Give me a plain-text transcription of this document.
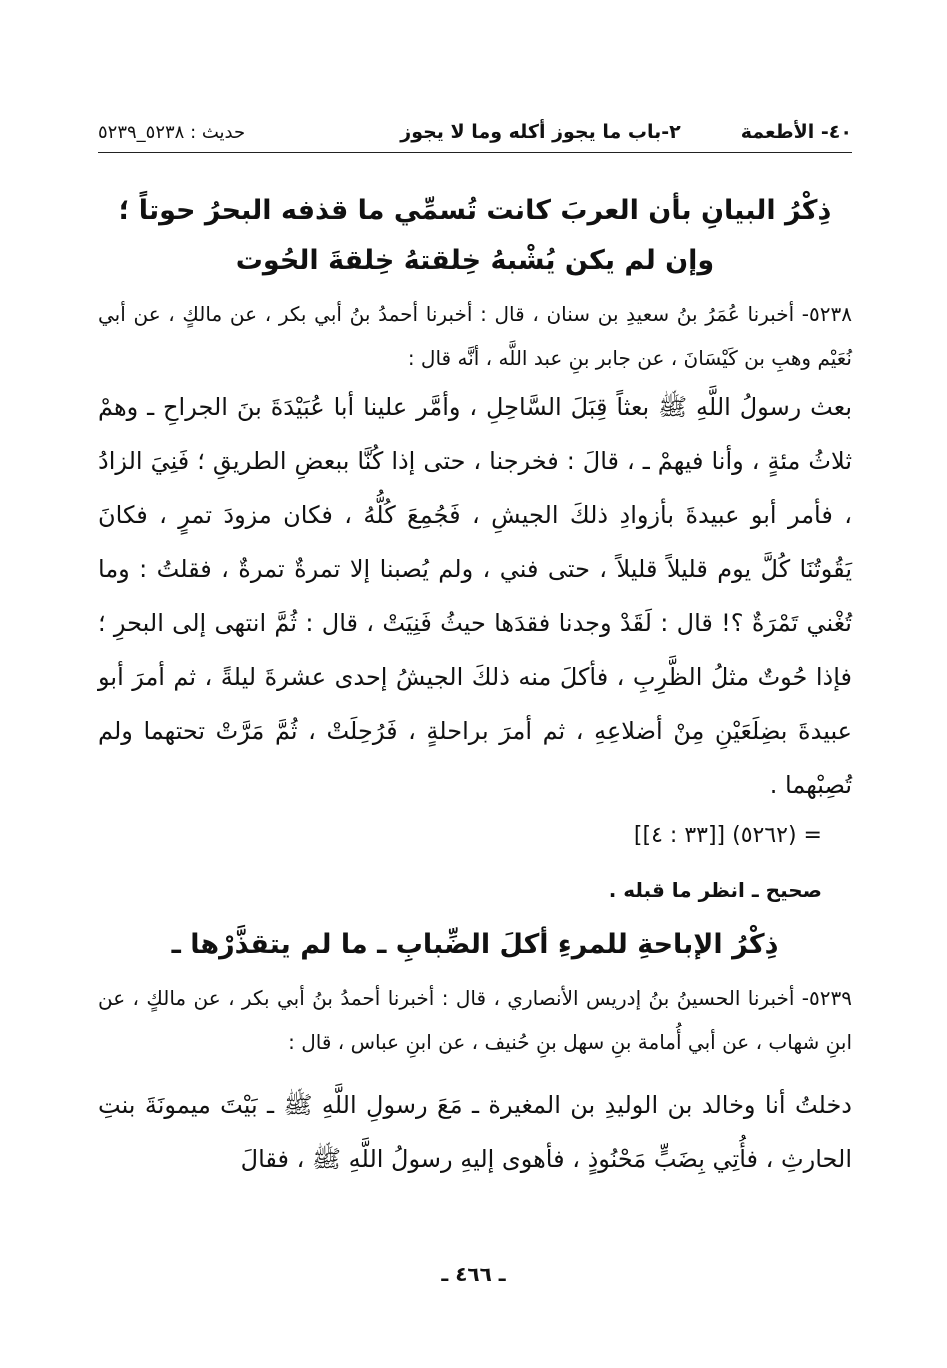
٤٠- الأطعمة
٢-باب ما يجوز أكله وما لا يجوز
حديث : ٥٢٣٨_٥٢٣٩

ذِكْرُ البيانِ بأن العربَ كانت تُسمِّي ما قذفه البحرُ حوتاً ؛

وإن لم يكن يُشْبهُ خِلقتهُ خِلقةَ الحُوت

٥٢٣٨- أخبرنا عُمَرُ بنُ سعيدِ بن سنان ، قال : أخبرنا أحمدُ بنُ أبي بكر ، عن مالكٍ ، عن أبي نُعَيْم وهبِ بن كَيْسَانَ ، عن جابر بنِ عبد اللَّه ، أنَّه قال :

بعث رسولُ اللَّهِ ﷺ بعثاً قِبَلَ السَّاحِلِ ، وأمَّر علينا أبا عُبَيْدَةَ بنَ الجراحِ ـ وهمْ ثلاثُ مئةٍ ، وأنا فيهمْ ـ ، قالَ : فخرجنا ، حتى إذا كُنَّا ببعضِ الطريقِ ؛ فَنِيَ الزادُ ، فأمر أبو عبيدةَ بأزوادِ ذلكَ الجيشِ ، فَجُمِعَ كُلُّهُ ، فكان مزودَ تمرٍ ، فكانَ يَقُوتُنَا كُلَّ يوم قليلاً قليلاً ، حتى فني ، ولم يُصبنا إلا تمرةٌ تمرةٌ ، فقلتُ : وما تُغْني تَمْرَةٌ ؟! قال : لَقَدْ وجدنا فقدَها حيثُ فَنِيَتْ ، قال : ثُمَّ انتهى إلى البحرِ ؛ فإذا حُوتٌ مثلُ الظَّرِبِ ، فأكلَ منه ذلكَ الجيشُ إحدى عشرةَ ليلةً ، ثم أمرَ أبو عبيدةَ بضِلَعَيْنِ مِنْ أضلاعِهِ ، ثم أمرَ براحلةٍ ، فَرُحِلَتْ ، ثُمَّ مَرَّتْ تحتهما ولم تُصِبْهما .

= (٥٢٦٢) [[٣٣ : ٤]]

صحيح ـ انظر ما قبله .

ذِكْرُ الإباحةِ للمرءِ أكلَ الضِّبابِ ـ ما لم يتقذَّرْها ـ

٥٢٣٩- أخبرنا الحسينُ بنُ إدريس الأنصاري ، قال : أخبرنا أحمدُ بنُ أبي بكر ، عن مالكٍ ، عن ابنِ شهاب ، عن أبي أُمامة بنِ سهل بنِ حُنيف ، عن ابنِ عباس ، قال :

دخلتُ أنا وخالد بن الوليدِ بن المغيرة ـ مَعَ رسولِ اللَّهِ ﷺ ـ بَيْتَ ميمونَةَ بنتِ الحارثِ ، فأُتِي بِضَبٍّ مَحْنُوذٍ ، فأهوى إليهِ رسولُ اللَّهِ ﷺ ، فقالَ

ـ ٤٦٦ ـ
